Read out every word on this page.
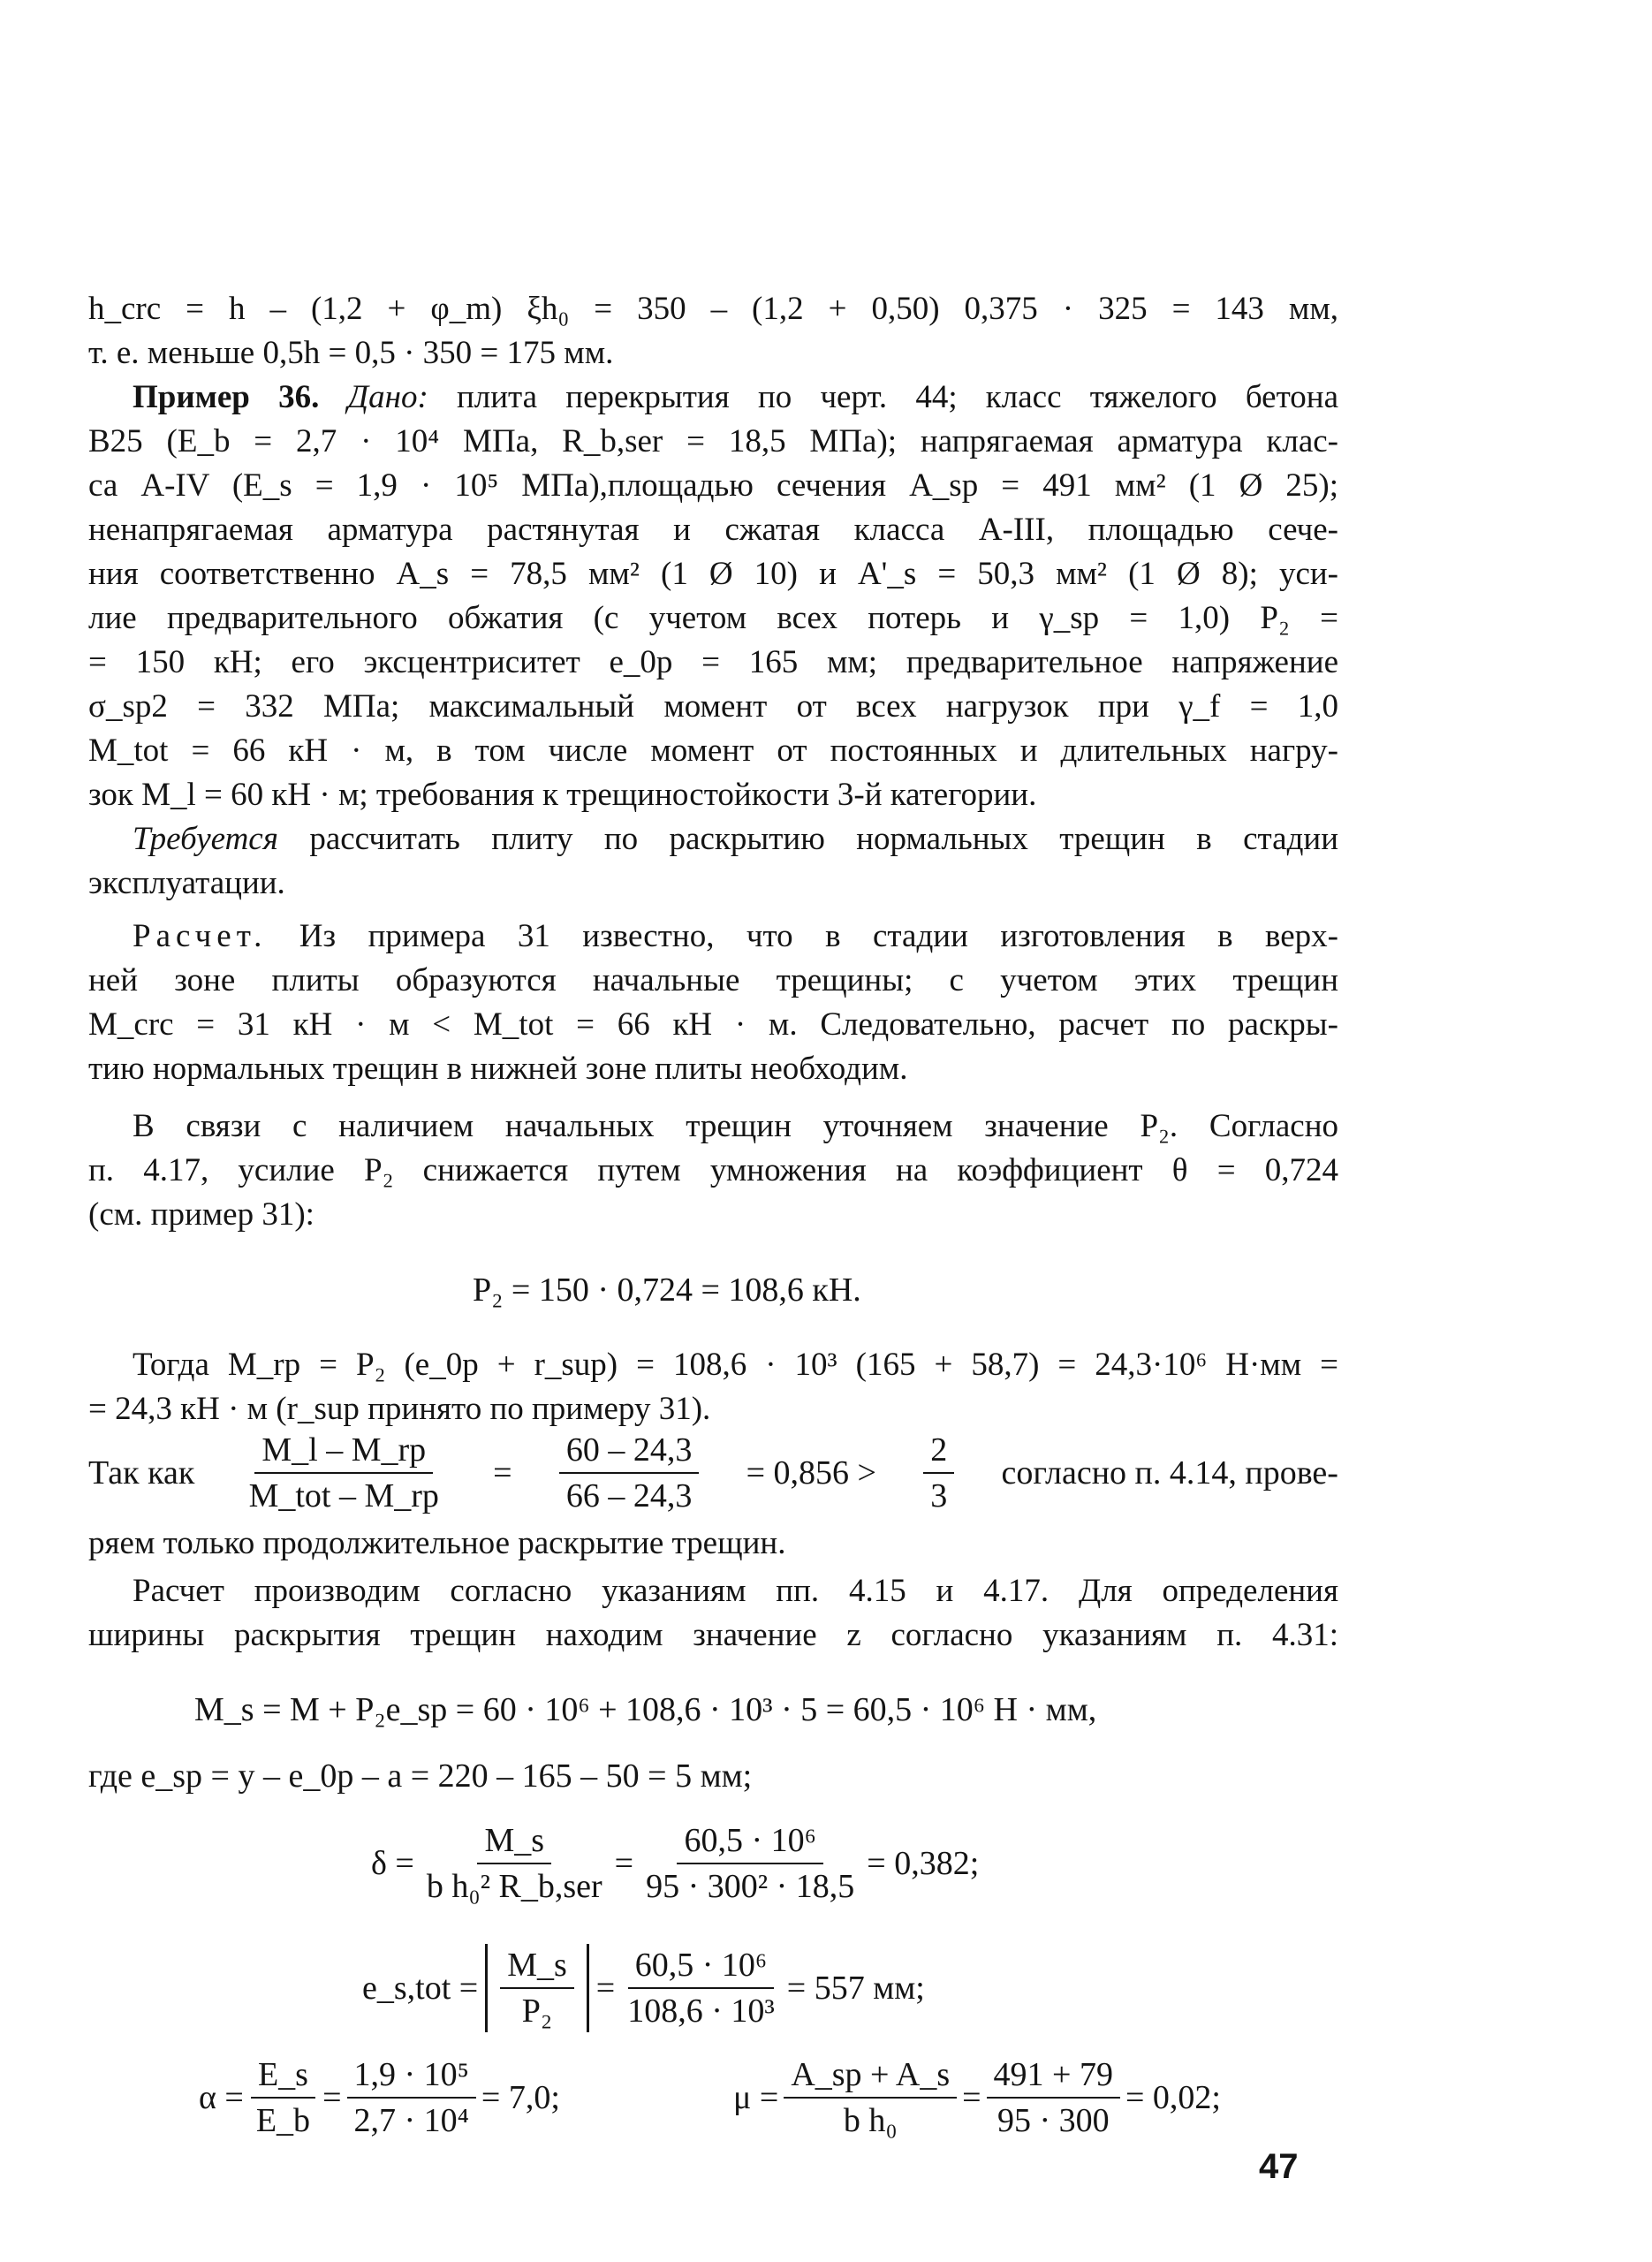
h_crc = h – (1,2 + φ_m) ξh₀ = 350 – (1,2 + 0,50) 0,375 · 325 = 143 мм,
т. е. меньше 0,5h = 0,5 · 350 = 175 мм.
Пример 36. Дано: плита перекрытия по черт. 44; класс тяжелого бетона
В25 (E_b = 2,7 · 10⁴ МПа, R_b,ser = 18,5 МПа); напрягаемая арматура клас-
са А-IV (E_s = 1,9 · 10⁵ МПа),площадью сечения A_sp = 491 мм² (1 Ø 25);
ненапрягаемая арматура растянутая и сжатая класса А-III, площадью сече-
ния соответственно A_s = 78,5 мм² (1 Ø 10) и A'_s = 50,3 мм² (1 Ø 8); уси-
лие предварительного обжатия (с учетом всех потерь и γ_sp = 1,0) P₂ =
= 150 кН; его эксцентриситет e_0p = 165 мм; предварительное напряжение
σ_sp2 = 332 МПа; максимальный момент от всех нагрузок при γ_f = 1,0
M_tot = 66 кН · м, в том числе момент от постоянных и длительных нагру-
зок M_l = 60 кН · м; требования к трещиностойкости 3-й категории.
Требуется рассчитать плиту по раскрытию нормальных трещин в стадии
эксплуатации.
Расчет. Из примера 31 известно, что в стадии изготовления в верх-
ней зоне плиты образуются начальные трещины; с учетом этих трещин
M_crc = 31 кН · м < M_tot = 66 кН · м. Следовательно, расчет по раскры-
тию нормальных трещин в нижней зоне плиты необходим.
В связи с наличием начальных трещин уточняем значение P₂. Согласно
п. 4.17, усилие P₂ снижается путем умножения на коэффициент θ = 0,724
(см. пример 31):
P₂ = 150 · 0,724 = 108,6 кН.
Тогда M_rp = P₂ (e_0p + r_sup) = 108,6 · 10³ (165 + 58,7) = 24,3·10⁶ Н·мм =
= 24,3 кН · м (r_sup принято по примеру 31).
Так как $\frac{M\_l - M\_rp}{\text{M\_tot – M\_rp}} = \frac{60 - 24,3}{66 - 24,3} = 0,856 > \frac{2}{3}$ согласно п. 4.14, прове-
ряем только продолжительное раскрытие трещин.
Расчет производим согласно указаниям пп. 4.15 и 4.17. Для определения
ширины раскрытия трещин находим значение z согласно указаниям п. 4.31:
M_s = M + P₂e_sp = 60 · 10⁶ + 108,6 · 10³ · 5 = 60,5 · 10⁶ Н · мм,
где e_sp = y – e_0p – a = 220 – 165 – 50 = 5 мм;
$\delta = \frac{M\_s}{\text{b h₀² R\_b,ser}} = \frac{\text{60,5 · 10⁶}}{\text{95 · 300² · 18,5}} = 0,382$;
e_s,tot = $\frac{M\_s}{\text{P₂}} = \frac{\text{60,5 · 10⁶}}{\text{108,6 · 10³}} = 557$ мм;
$\alpha = \frac{E\_s}{E\_b} = \frac{\text{1,9 · 10⁵}}{\text{2,7 · 10⁴}} = 7,0$;	$\mu = \frac{A\_sp + A\_s}{\text{b h₀}} = \frac{491 + 79}{95 \cdot 300} = 0,02$;
47
